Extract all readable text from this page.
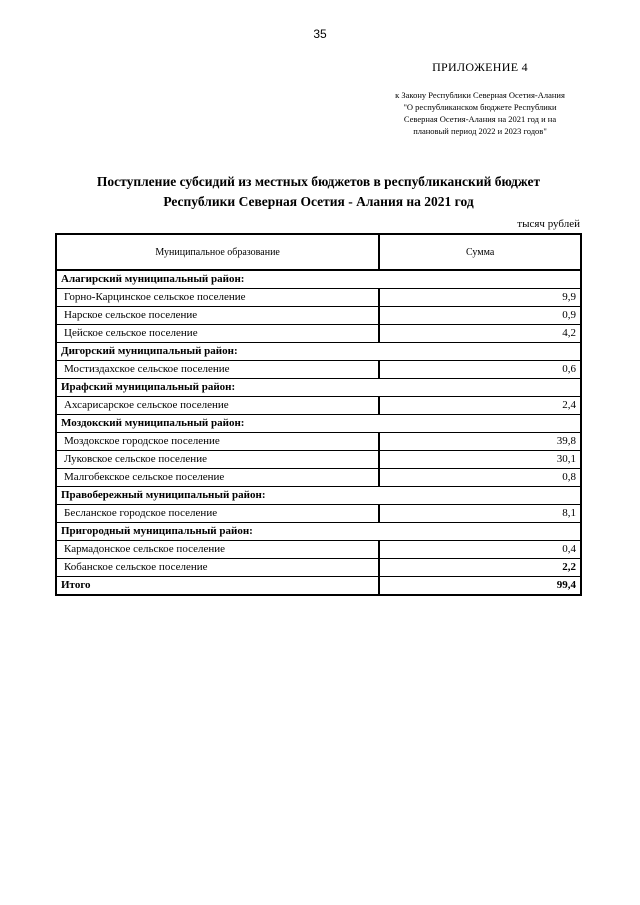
35
ПРИЛОЖЕНИЕ 4
к Закону Республики Северная Осетия-Алания
"О республиканском бюджете Республики
Северная Осетия-Алания на 2021 год и на
плановый период 2022 и 2023 годов"
Поступление субсидий из местных бюджетов в республиканский бюджет
Республики Северная Осетия - Алания на 2021 год
тысяч рублей
Муниципальное образование	Сумма
Алагирский муниципальный район:	
Горно-Карцинское сельское поселение	9,9
Нарское сельское поселение	0,9
Цейское сельское поселение	4,2
Дигорский муниципальный район:	
Мостиздахское сельское поселение	0,6
Ирафский муниципальный район:	
Ахсарисарское сельское поселение	2,4
Моздокский муниципальный район:	
Моздокское городское поселение	39,8
Луковское сельское поселение	30,1
Малгобекское сельское поселение	0,8
Правобережный муниципальный район:	
Бесланское городское поселение	8,1
Пригородный муниципальный район:	
Кармадонское сельское поселение	0,4
Кобанское сельское поселение	2,2
Итого	99,4
